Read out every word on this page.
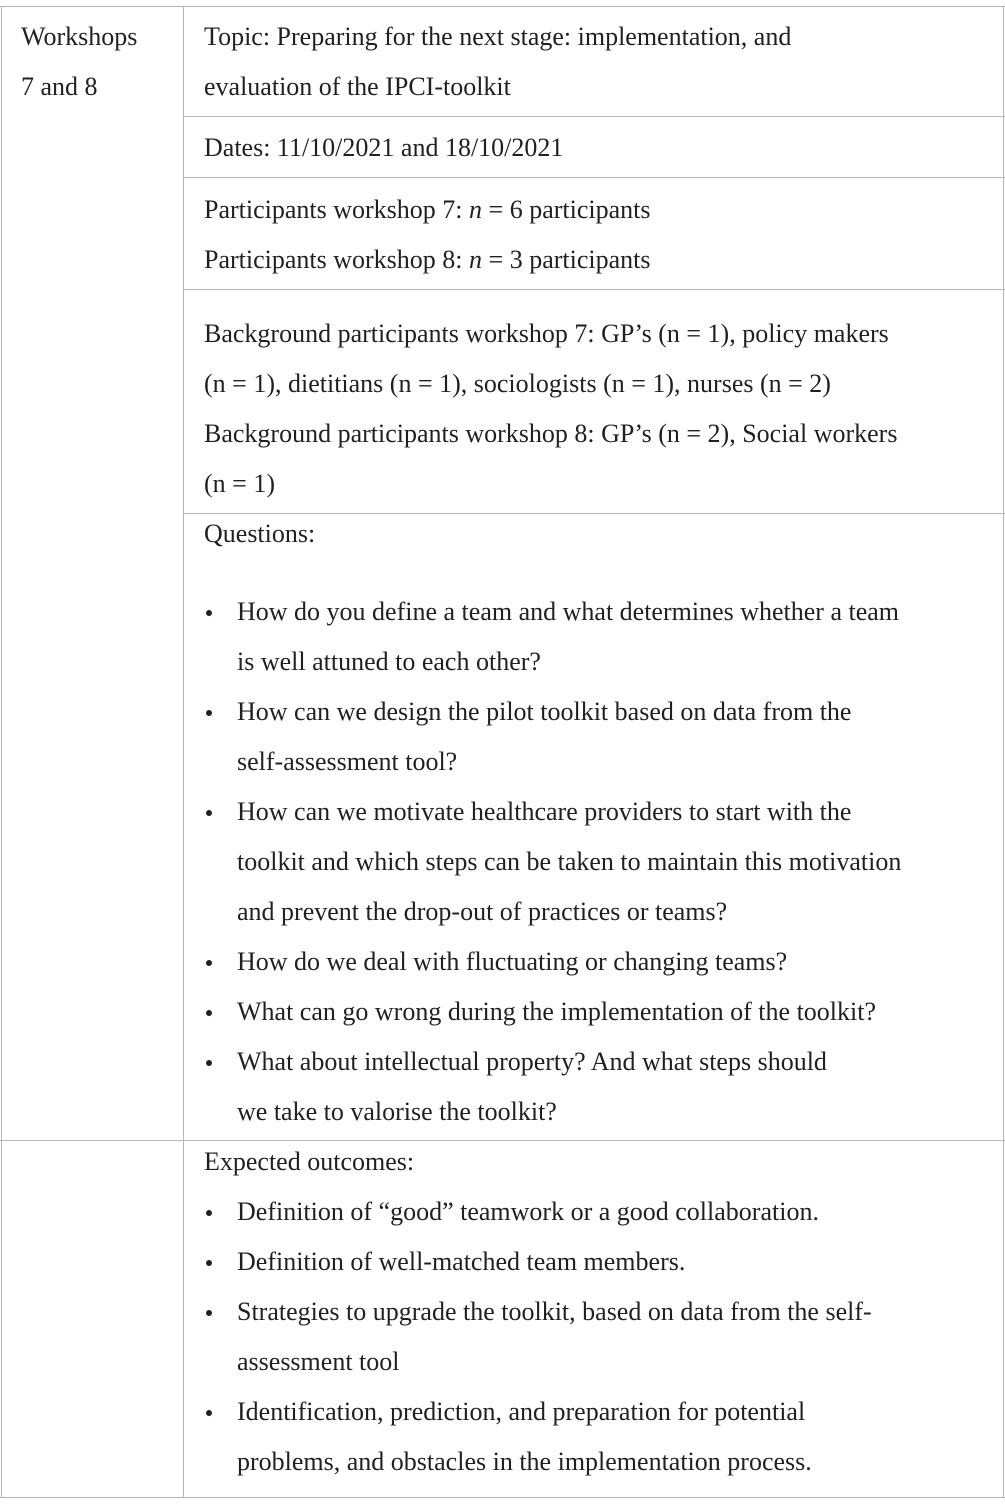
Workshops
7 and 8
Topic: Preparing for the next stage: implementation, and
evaluation of the IPCI-toolkit
Dates: 11/10/2021 and 18/10/2021
Participants workshop 7: n = 6 participants
Participants workshop 8: n = 3 participants
Background participants workshop 7: GP’s (n = 1), policy makers
(n = 1), dietitians (n = 1), sociologists (n = 1), nurses (n = 2)
Background participants workshop 8: GP’s (n = 2), Social workers
(n = 1)
Questions:
How do you define a team and what determines whether a team
is well attuned to each other?
How can we design the pilot toolkit based on data from the
self-assessment tool?
How can we motivate healthcare providers to start with the
toolkit and which steps can be taken to maintain this motivation
and prevent the drop-out of practices or teams?
How do we deal with fluctuating or changing teams?
What can go wrong during the implementation of the toolkit?
What about intellectual property? And what steps should
we take to valorise the toolkit?
Expected outcomes:
Definition of “good” teamwork or a good collaboration.
Definition of well-matched team members.
Strategies to upgrade the toolkit, based on data from the self-
assessment tool
Identification, prediction, and preparation for potential
problems, and obstacles in the implementation process.
